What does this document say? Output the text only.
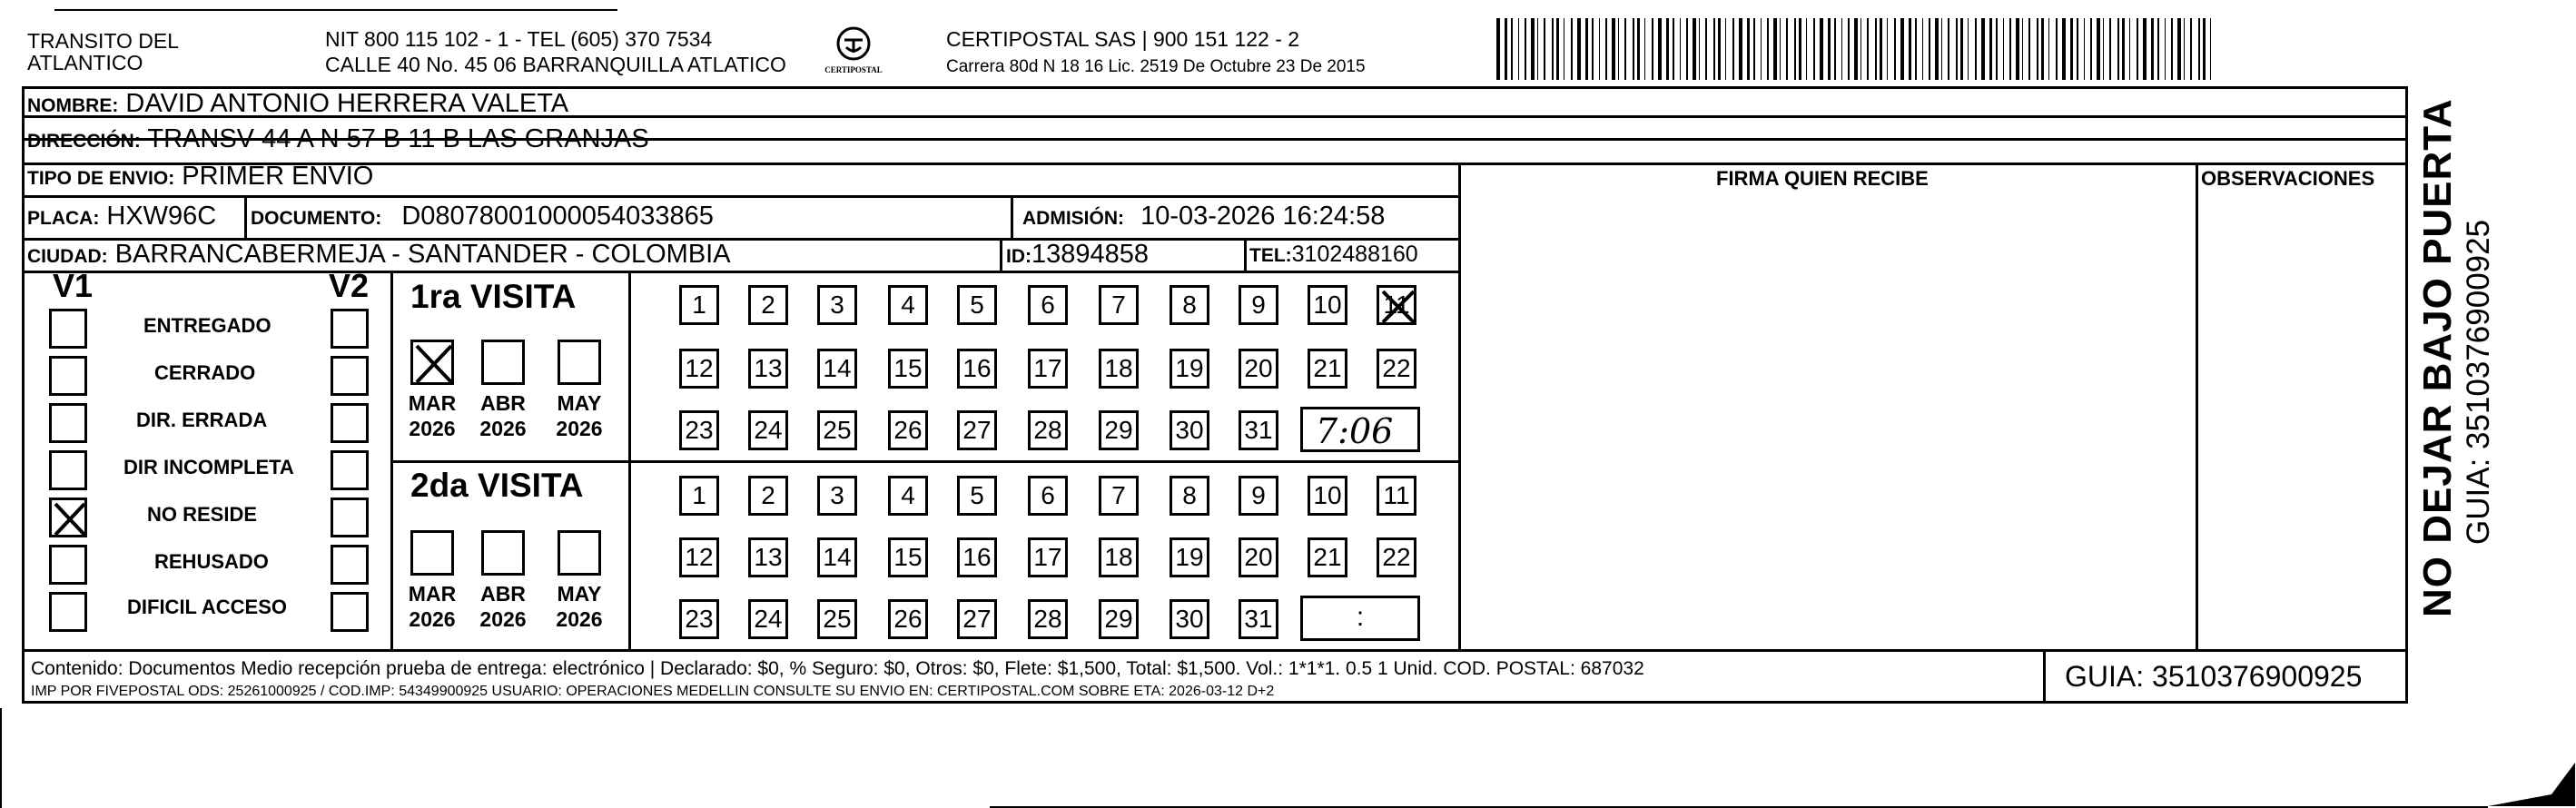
TRANSITO DEL
ATLANTICO
NIT 800 115 102 - 1 - TEL (605) 370 7534
CALLE 40 No. 45 06 BARRANQUILLA ATLATICO	CERTIPOSTAL
CERTIPOSTAL SAS | 900 151 122 - 2
Carrera 80d N 18 16 Lic. 2519 De Octubre 23 De 2015
NOMBRE: DAVID ANTONIO HERRERA VALETA
DIRECCIÓN: TRANSV 44 A N 57 B 11 B LAS GRANJAS
TIPO DE ENVIO: PRIMER ENVIO	FIRMA QUIEN RECIBE	OBSERVACIONES
PLACA: HXW96C DOCUMENTO: D08078001000054033865	ADMISIÓN: 10-03-2026 16:24:58
CIUDAD: BARRANCABERMEJA - SANTANDER - COLOMBIA	ID:13894858	TEL:3102488160
V1	V2
ENTREGADO
CERRADO
DIR. ERRADA
DIR INCOMPLETA
NO RESIDE
REHUSADO
DIFICIL ACCESO
1ra VISITA
MAR
2026
ABR
2026
MAY
2026
1	2	3	4	5	6	7	8	9	10 11
12 13 14 15 16 17 18 19 20 21 22
23 24 25 26 27 28 29 30 31 7:06
2da VISITA
MAR
2026
ABR
2026
MAY
2026
1	2	3	4	5	6	7	8	9	10 11
12 13 14 15 16 17 18 19 20 21 22
23 24 25 26 27 28 29 30 31	:
Contenido: Documentos Medio recepción prueba de entrega: electrónico | Declarado: $0, % Seguro: $0, Otros: $0, Flete: $1,500, Total: $1,500. Vol.: 1*1*1. 0.5 1 Unid. COD. POSTAL: 687032
IMP POR FIVEPOSTAL ODS: 25261000925 / COD.IMP: 54349900925 USUARIO: OPERACIONES MEDELLIN CONSULTE SU ENVIO EN: CERTIPOSTAL.COM SOBRE ETA: 2026-03-12 D+2	GUIA: 3510376900925
NO DEJAR BAJO PUERTA GUIA: 3510376900925
